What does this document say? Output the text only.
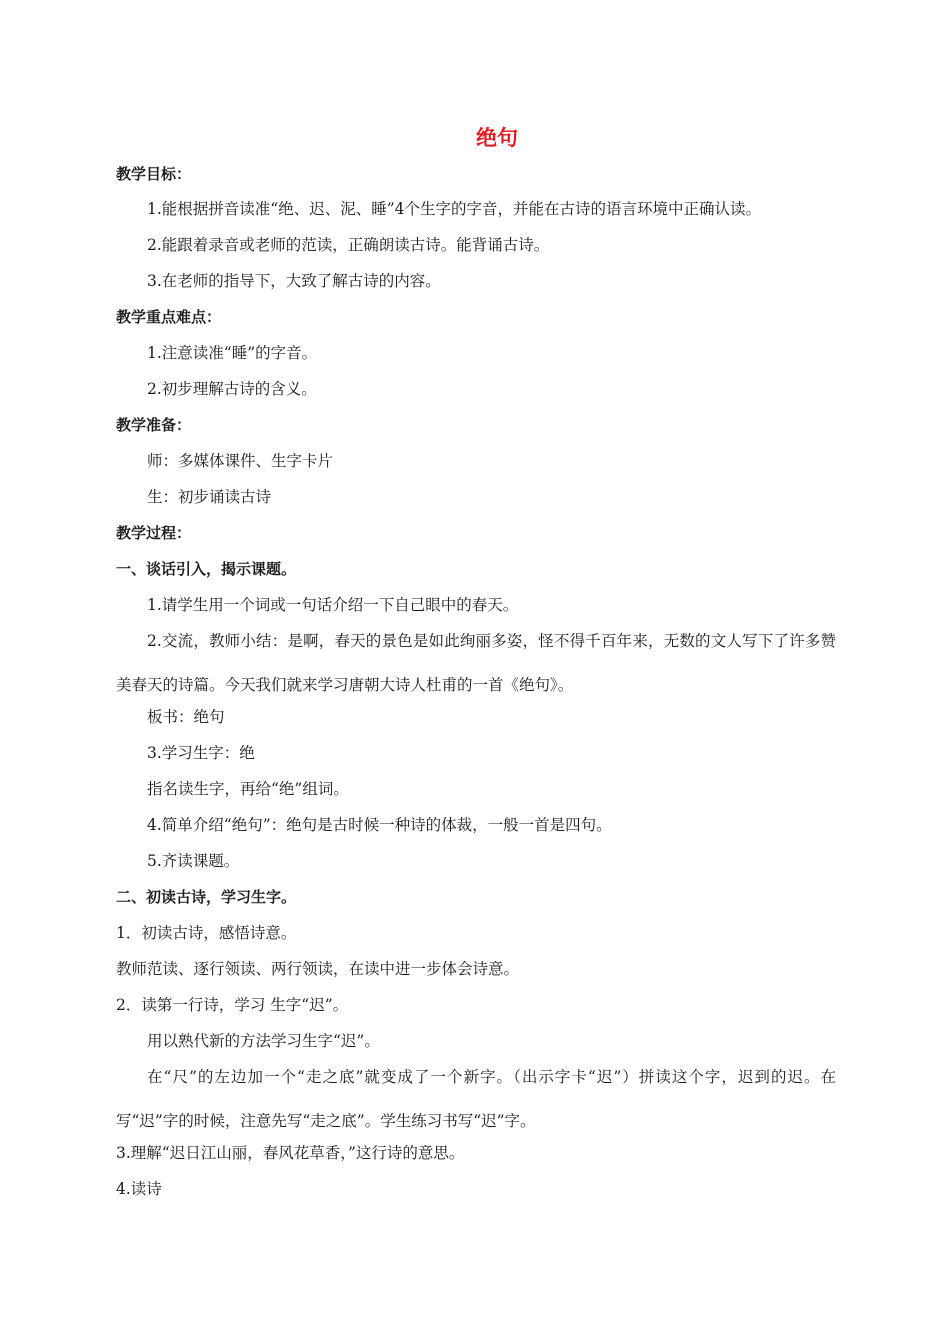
绝句

教学目标：

1.能根据拼音读准“绝、迟、泥、睡”4个生字的字音，并能在古诗的语言环境中正确认读。

2.能跟着录音或老师的范读，正确朗读古诗。能背诵古诗。

3.在老师的指导下，大致了解古诗的内容。

教学重点难点：

1.注意读准“睡”的字音。

2.初步理解古诗的含义。

教学准备：

师：多媒体课件、生字卡片

生：初步诵读古诗

教学过程：

一、谈话引入，揭示课题。

1.请学生用一个词或一句话介绍一下自己眼中的春天。

2.交流，教师小结：是啊，春天的景色是如此绚丽多姿，怪不得千百年来，无数的文人写下了许多赞美春天的诗篇。今天我们就来学习唐朝大诗人杜甫的一首《绝句》。

板书：绝句

3.学习生字：绝

指名读生字，再给“绝”组词。

4.简单介绍“绝句”：绝句是古时候一种诗的体裁，一般一首是四句。

5.齐读课题。

二、初读古诗，学习生字。

1．初读古诗，感悟诗意。

教师范读、逐行领读、两行领读，在读中进一步体会诗意。

2．读第一行诗，学习 生字“迟”。

用以熟代新的方法学习生字“迟”。

在“尺”的左边加一个“走之底”就变成了一个新字。（出示字卡“迟”）拼读这个字，迟到的迟。在写“迟”字的时候，注意先写“走之底”。学生练习书写“迟”字。

3.理解“迟日江山丽，春风花草香，”这行诗的意思。

4.读诗
